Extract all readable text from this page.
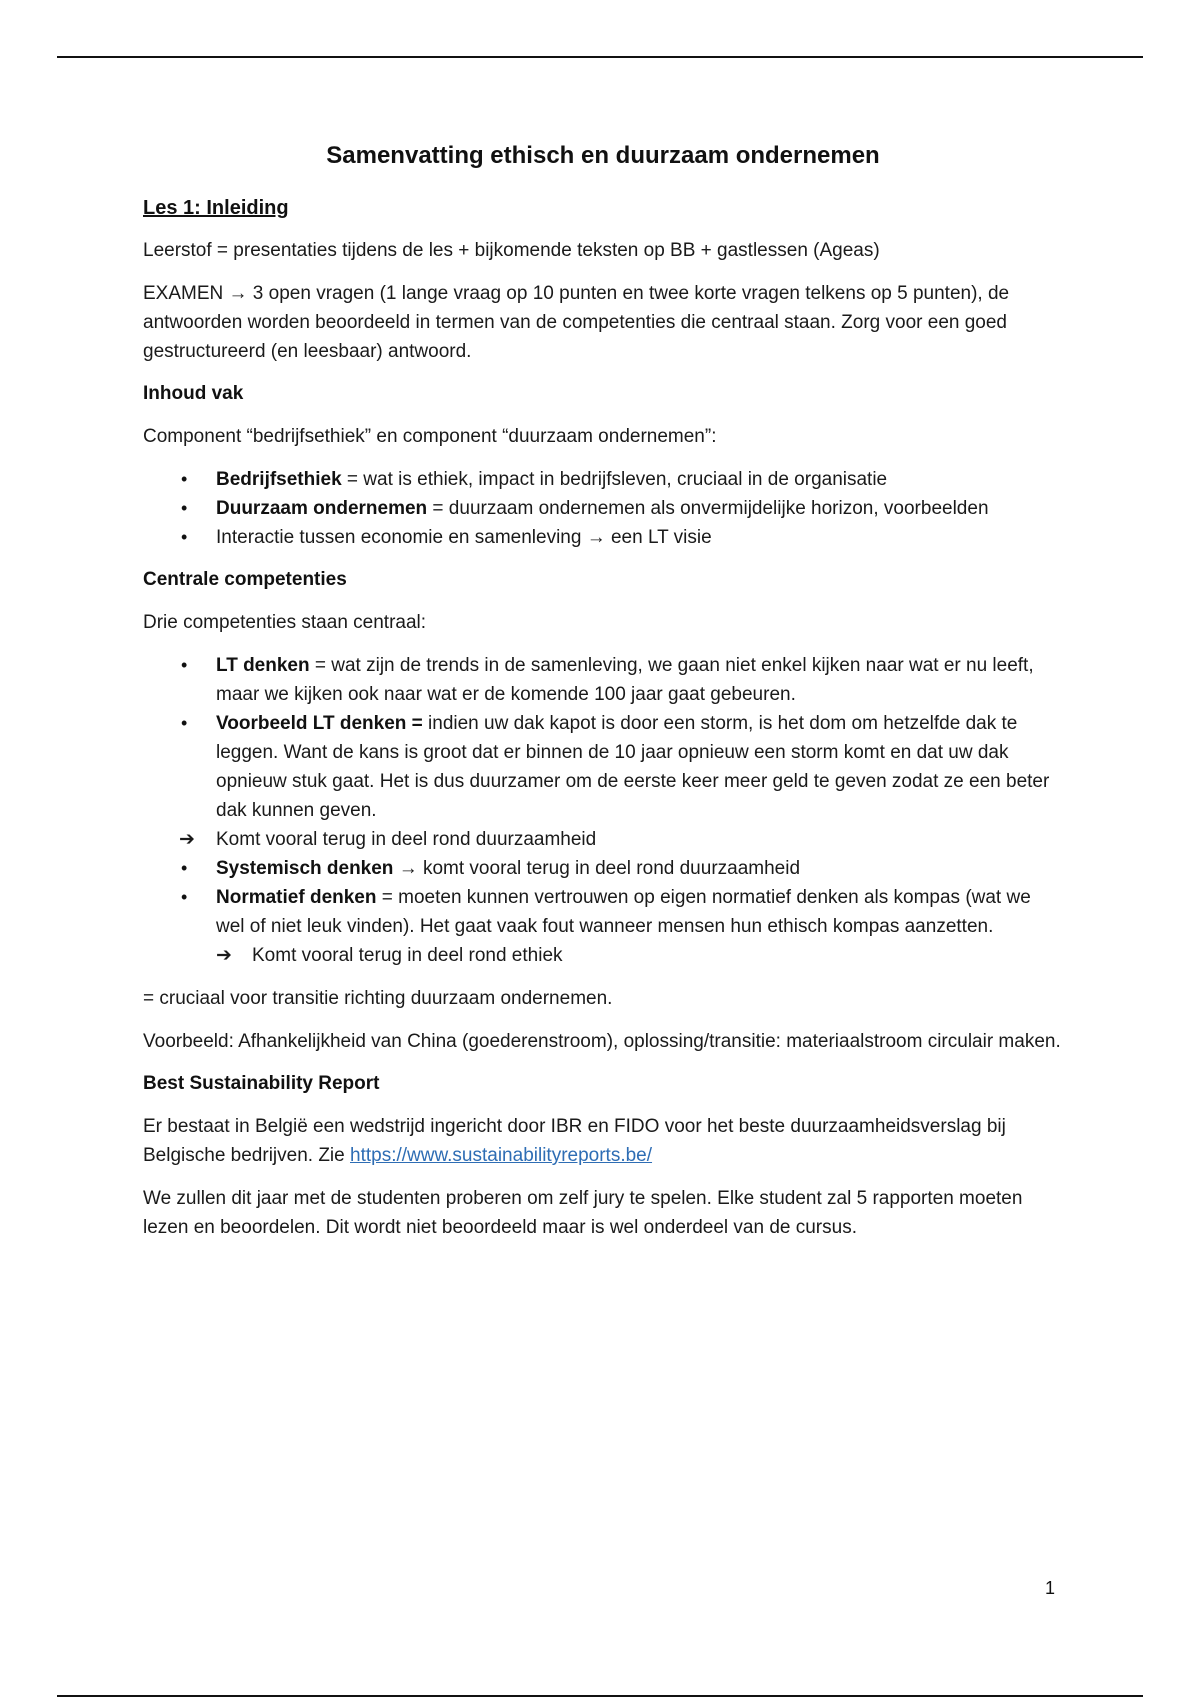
Samenvatting ethisch en duurzaam ondernemen
Les 1: Inleiding

Leerstof = presentaties tijdens de les + bijkomende teksten op BB + gastlessen (Ageas)

EXAMEN → 3 open vragen (1 lange vraag op 10 punten en twee korte vragen telkens op 5 punten), de antwoorden worden beoordeeld in termen van de competenties die centraal staan. Zorg voor een goed gestructureerd (en leesbaar) antwoord.

Inhoud vak

Component “bedrijfsethiek” en component “duurzaam ondernemen”:

• Bedrijfsethiek = wat is ethiek, impact in bedrijfsleven, cruciaal in de organisatie
• Duurzaam ondernemen = duurzaam ondernemen als onvermijdelijke horizon, voorbeelden
• Interactie tussen economie en samenleving → een LT visie
Centrale competenties

Drie competenties staan centraal:

• LT denken = wat zijn de trends in de samenleving, we gaan niet enkel kijken naar wat er nu leeft, maar we kijken ook naar wat er de komende 100 jaar gaat gebeuren.
• Voorbeeld LT denken = indien uw dak kapot is door een storm, is het dom om hetzelfde dak te leggen. Want de kans is groot dat er binnen de 10 jaar opnieuw een storm komt en dat uw dak opnieuw stuk gaat. Het is dus duurzamer om de eerste keer meer geld te geven zodat ze een beter dak kunnen geven.
➔ Komt vooral terug in deel rond duurzaamheid
• Systemisch denken → komt vooral terug in deel rond duurzaamheid
• Normatief denken = moeten kunnen vertrouwen op eigen normatief denken als kompas (wat we wel of niet leuk vinden). Het gaat vaak fout wanneer mensen hun ethisch kompas aanzetten.
➔ Komt vooral terug in deel rond ethiek

= cruciaal voor transitie richting duurzaam ondernemen.

Voorbeeld: Afhankelijkheid van China (goederenstroom), oplossing/transitie: materiaalstroom circulair maken.

Best Sustainability Report

Er bestaat in België een wedstrijd ingericht door IBR en FIDO voor het beste duurzaamheidsverslag bij Belgische bedrijven. Zie https://www.sustainabilityreports.be/

We zullen dit jaar met de studenten proberen om zelf jury te spelen. Elke student zal 5 rapporten moeten lezen en beoordelen. Dit wordt niet beoordeeld maar is wel onderdeel van de cursus.

1
